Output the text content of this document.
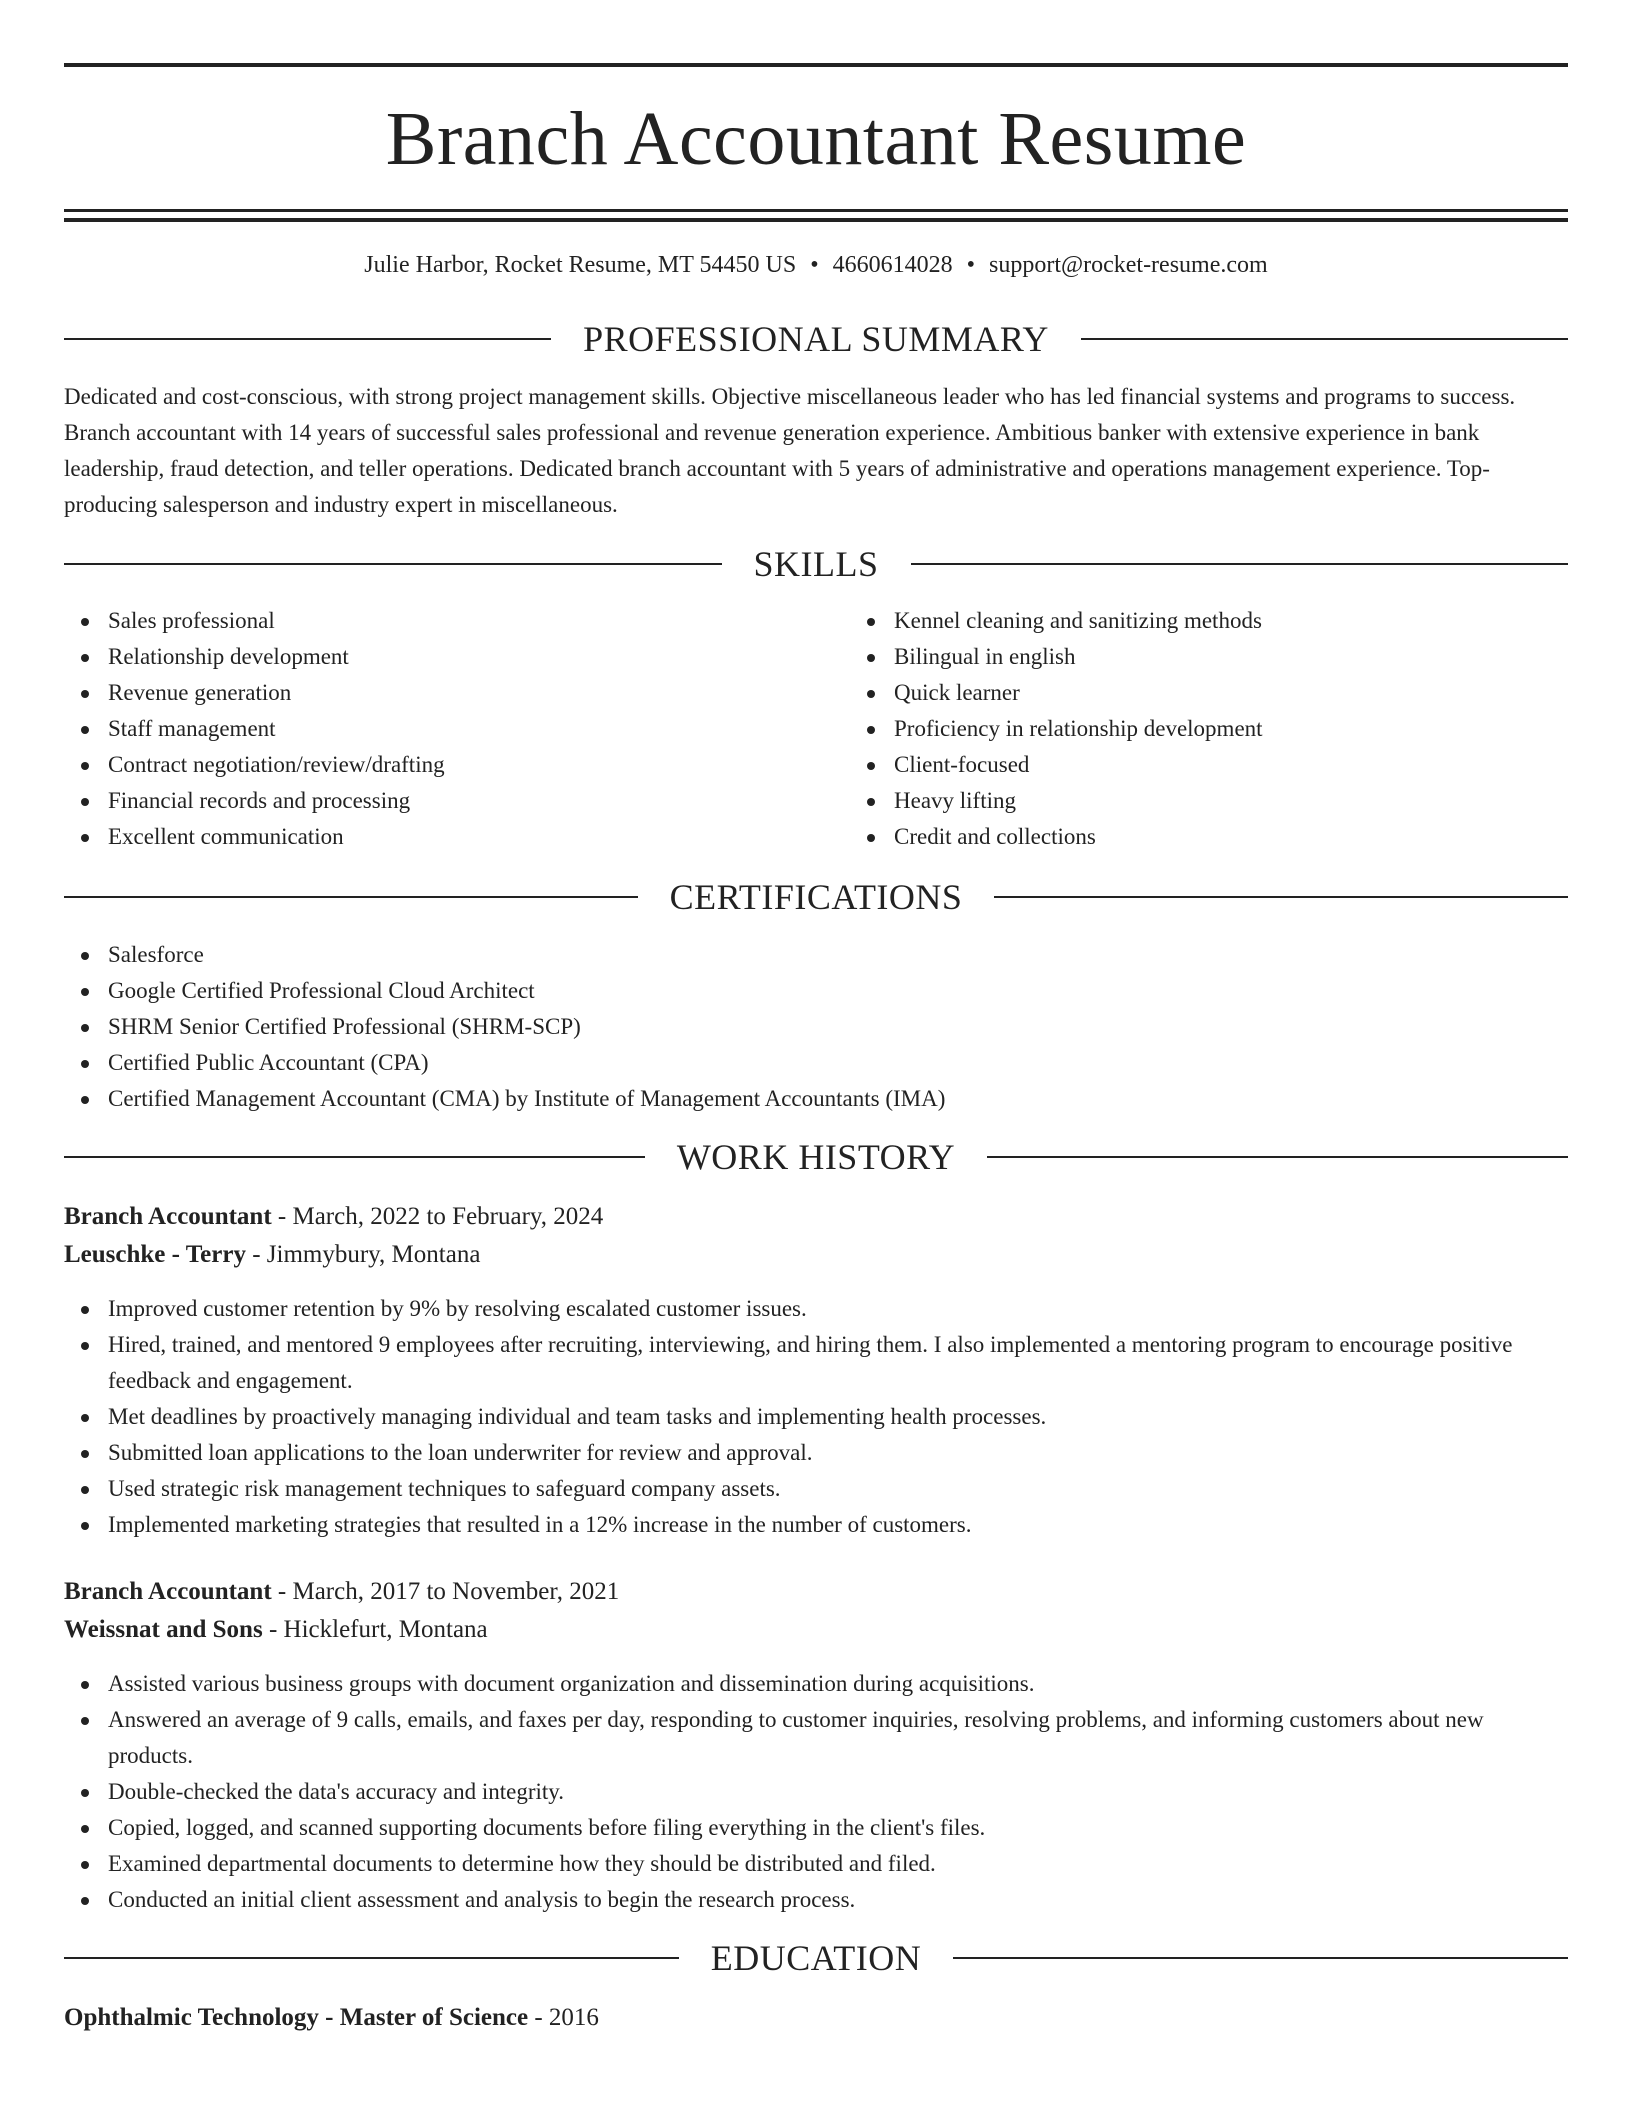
Branch Accountant Resume
Julie Harbor, Rocket Resume, MT 54450 US • 4660614028 • support@rocket-resume.com
PROFESSIONAL SUMMARY

Dedicated and cost-conscious, with strong project management skills. Objective miscellaneous leader who has led financial systems and programs to success. Branch accountant with 14 years of successful sales professional and revenue generation experience. Ambitious banker with extensive experience in bank leadership, fraud detection, and teller operations. Dedicated branch accountant with 5 years of administrative and operations management experience. Top-producing salesperson and industry expert in miscellaneous.

SKILLS
Sales professional
Relationship development
Revenue generation
Staff management
Contract negotiation/review/drafting
Financial records and processing
Excellent communication
Kennel cleaning and sanitizing methods
Bilingual in english
Quick learner
Proficiency in relationship development
Client-focused
Heavy lifting
Credit and collections
CERTIFICATIONS
Salesforce
Google Certified Professional Cloud Architect
SHRM Senior Certified Professional (SHRM-SCP)
Certified Public Accountant (CPA)
Certified Management Accountant (CMA) by Institute of Management Accountants (IMA)
WORK HISTORY
Branch Accountant - March, 2022 to February, 2024
Leuschke - Terry - Jimmybury, Montana
Improved customer retention by 9% by resolving escalated customer issues.
Hired, trained, and mentored 9 employees after recruiting, interviewing, and hiring them. I also implemented a mentoring program to encourage positive feedback and engagement.
Met deadlines by proactively managing individual and team tasks and implementing health processes.
Submitted loan applications to the loan underwriter for review and approval.
Used strategic risk management techniques to safeguard company assets.
Implemented marketing strategies that resulted in a 12% increase in the number of customers.
Branch Accountant - March, 2017 to November, 2021
Weissnat and Sons - Hicklefurt, Montana
Assisted various business groups with document organization and dissemination during acquisitions.
Answered an average of 9 calls, emails, and faxes per day, responding to customer inquiries, resolving problems, and informing customers about new products.
Double-checked the data's accuracy and integrity.
Copied, logged, and scanned supporting documents before filing everything in the client's files.
Examined departmental documents to determine how they should be distributed and filed.
Conducted an initial client assessment and analysis to begin the research process.
EDUCATION
Ophthalmic Technology - Master of Science - 2016
